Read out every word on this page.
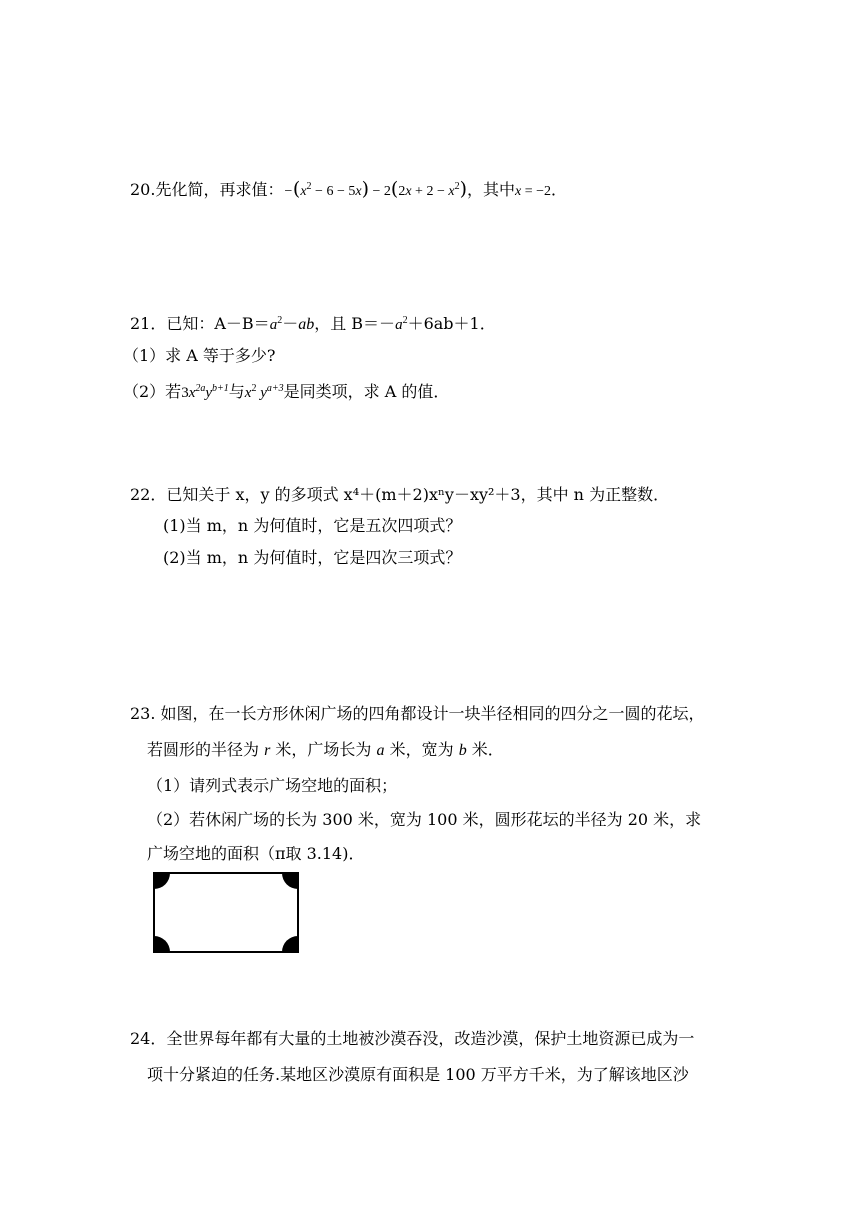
20.先化简，再求值：$-(x^2 - 6 - 5x) - 2(2x + 2 - x^2)$，其中x = −2．
21．已知：$A-B=a^2-ab$，且 $B=-a^2+6ab+1$．
（1）求 A 等于多少?
（2）若$3x^{2a}y^{b+1}$与$x^2$ $y^{a+3}$是同类项，求 A 的值．
22．已知关于 x，y 的多项式 x⁴＋(m＋2)xⁿy－xy²＋3，其中 n 为正整数．
(1)当 m，n 为何值时，它是五次四项式？
(2)当 m，n 为何值时，它是四次三项式？
23. 如图，在一长方形休闲广场的四角都设计一块半径相同的四分之一圆的花坛，
若圆形的半径为 r 米，广场长为 a 米，宽为 b 米．
（1）请列式表示广场空地的面积；
（2）若休闲广场的长为 300 米，宽为 100 米，圆形花坛的半径为 20 米，求
广场空地的面积（π取 3.14)．
24．全世界每年都有大量的土地被沙漠吞没，改造沙漠，保护土地资源已成为一
项十分紧迫的任务.某地区沙漠原有面积是 100 万平方千米，为了解该地区沙
